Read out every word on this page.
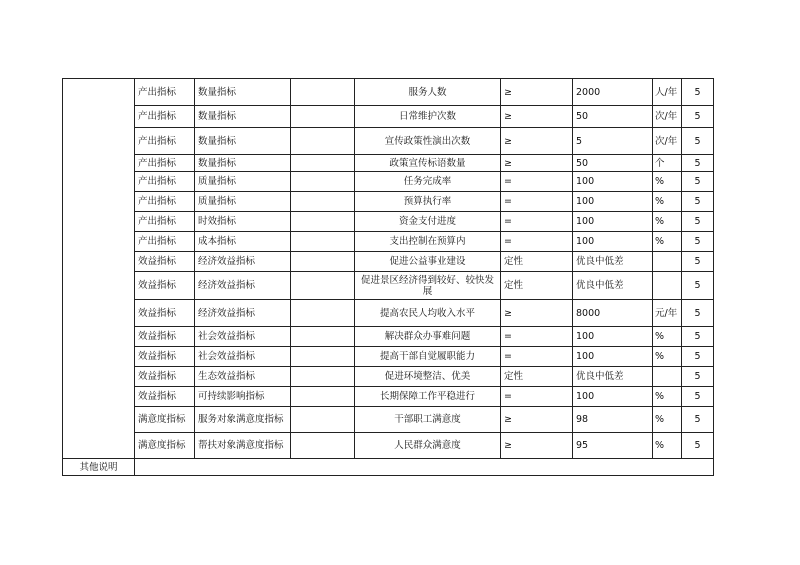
	产出指标	数量指标		服务人数	≥	2000	人/年	5
	产出指标	数量指标		日常维护次数	≥	50	次/年	5
	产出指标	数量指标		宣传政策性演出次数	≥	5	次/年	5
	产出指标	数量指标		政策宣传标语数量	≥	50	个	5
	产出指标	质量指标		任务完成率	=	100	%	5
	产出指标	质量指标		预算执行率	=	100	%	5
	产出指标	时效指标		资金支付进度	=	100	%	5
	产出指标	成本指标		支出控制在预算内	=	100	%	5
	效益指标	经济效益指标		促进公益事业建设	定性	优良中低差		5
	效益指标	经济效益指标		促进景区经济得到较好、较快发展	定性	优良中低差		5
	效益指标	经济效益指标		提高农民人均收入水平	≥	8000	元/年	5
	效益指标	社会效益指标		解决群众办事难问题	=	100	%	5
	效益指标	社会效益指标		提高干部自觉履职能力	=	100	%	5
	效益指标	生态效益指标		促进环境整洁、优美	定性	优良中低差		5
	效益指标	可持续影响指标		长期保障工作平稳进行	=	100	%	5
	满意度指标	服务对象满意度指标		干部职工满意度	≥	98	%	5
	满意度指标	帮扶对象满意度指标		人民群众满意度	≥	95	%	5
其他说明								
